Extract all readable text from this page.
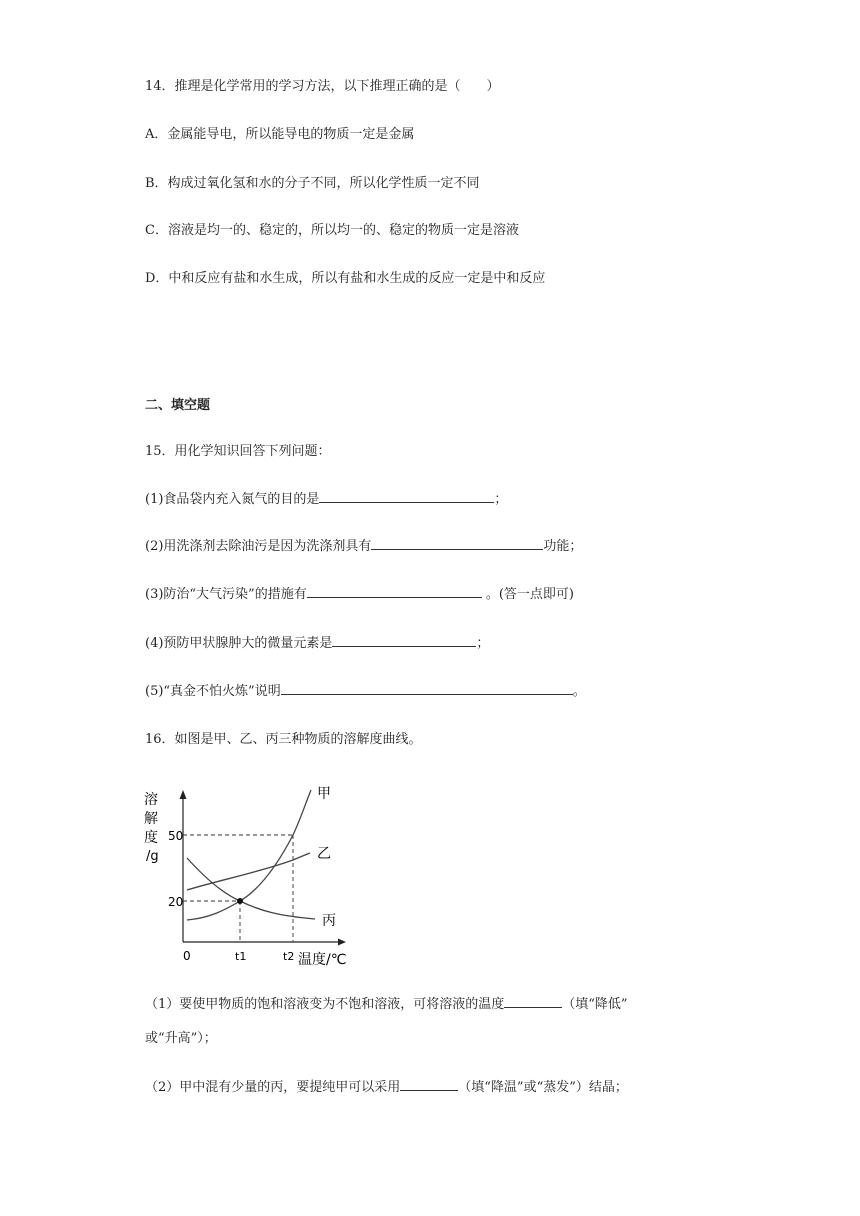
14．推理是化学常用的学习方法，以下推理正确的是（　　）
A．金属能导电，所以能导电的物质一定是金属
B．构成过氧化氢和水的分子不同，所以化学性质一定不同
C．溶液是均一的、稳定的，所以均一的、稳定的物质一定是溶液
D．中和反应有盐和水生成，所以有盐和水生成的反应一定是中和反应
二、填空题
15．用化学知识回答下列问题：
(1)食品袋内充入氮气的目的是	；
(2)用洗涤剂去除油污是因为洗涤剂具有	功能；
(3)防治“大气污染”的措施有	。(答一点即可)
(4)预防甲状腺肿大的微量元素是	；
(5)“真金不怕火炼”说明	。
16．如图是甲、乙、丙三种物质的溶解度曲线。
溶
解
度
/g
50
20
0	t1	t2 温度/℃
甲
乙
丙
（1）要使甲物质的饱和溶液变为不饱和溶液，可将溶液的温度	（填“降低”
或“升高”）；
（2）甲中混有少量的丙，要提纯甲可以采用	（填“降温”或“蒸发”）结晶；
